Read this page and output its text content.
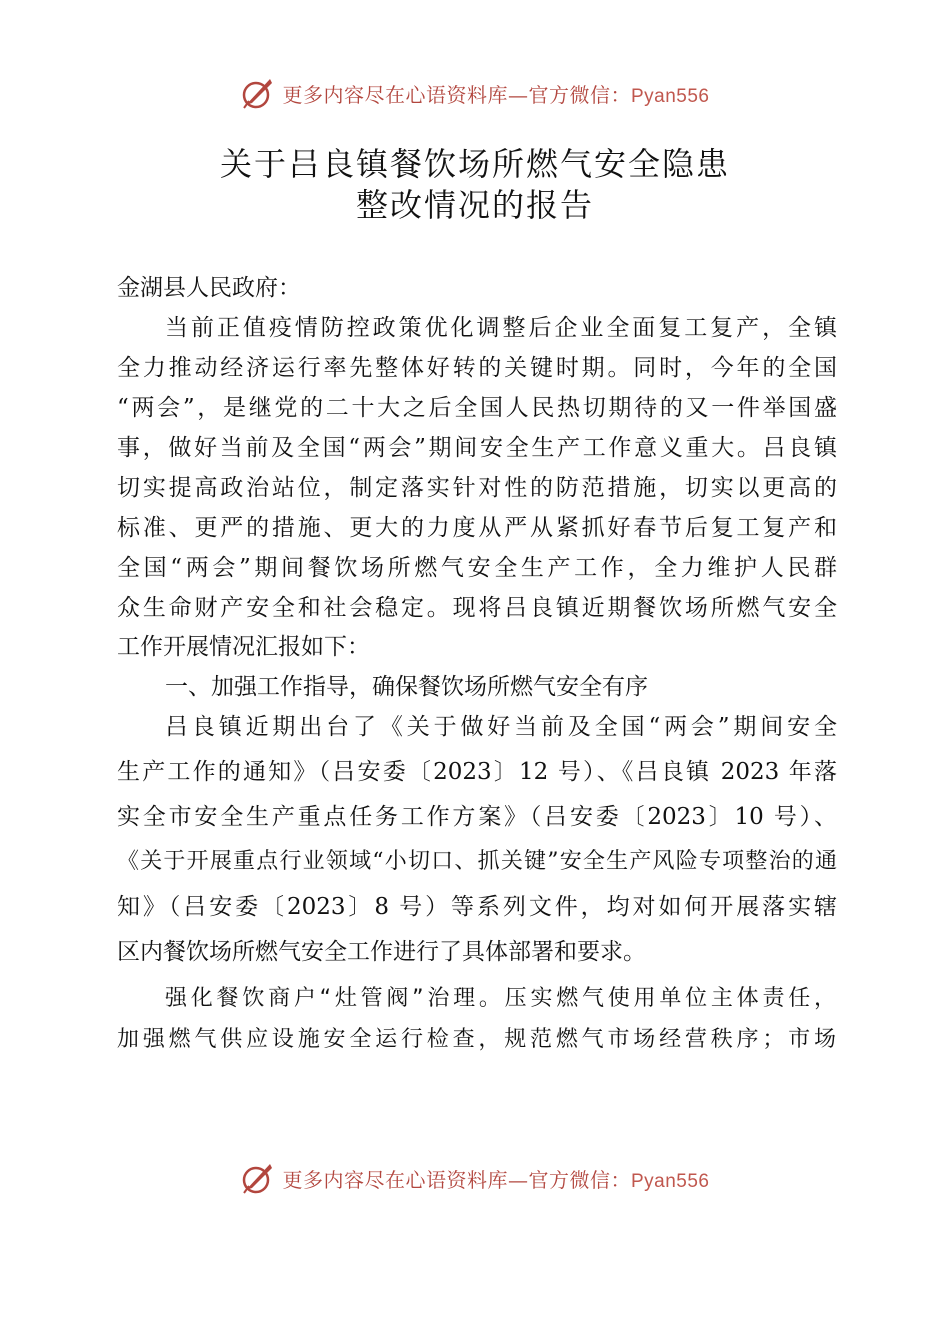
更多内容尽在心语资料库—官方微信：Pyan556
关于吕良镇餐饮场所燃气安全隐患
整改情况的报告
金湖县人民政府：
当前正值疫情防控政策优化调整后企业全面复工复产，全镇
全力推动经济运行率先整体好转的关键时期。同时，今年的全国
“两会”，是继党的二十大之后全国人民热切期待的又一件举国盛
事，做好当前及全国“两会”期间安全生产工作意义重大。吕良镇
切实提高政治站位，制定落实针对性的防范措施，切实以更高的
标准、更严的措施、更大的力度从严从紧抓好春节后复工复产和
全国“两会”期间餐饮场所燃气安全生产工作，全力维护人民群
众生命财产安全和社会稳定。现将吕良镇近期餐饮场所燃气安全
工作开展情况汇报如下：
一、加强工作指导，确保餐饮场所燃气安全有序
吕良镇近期出台了《关于做好当前及全国“两会”期间安全
生产工作的通知》（吕安委〔2023〕12 号）、《吕良镇 2023 年落
实全市安全生产重点任务工作方案》（吕安委〔2023〕10 号）、
《关于开展重点行业领域“小切口、抓关键”安全生产风险专项整治的通
知》（吕安委〔2023〕8 号）等系列文件，均对如何开展落实辖
区内餐饮场所燃气安全工作进行了具体部署和要求。
强化餐饮商户“灶管阀”治理。压实燃气使用单位主体责任，
加强燃气供应设施安全运行检查，规范燃气市场经营秩序；市场
更多内容尽在心语资料库—官方微信：Pyan556
